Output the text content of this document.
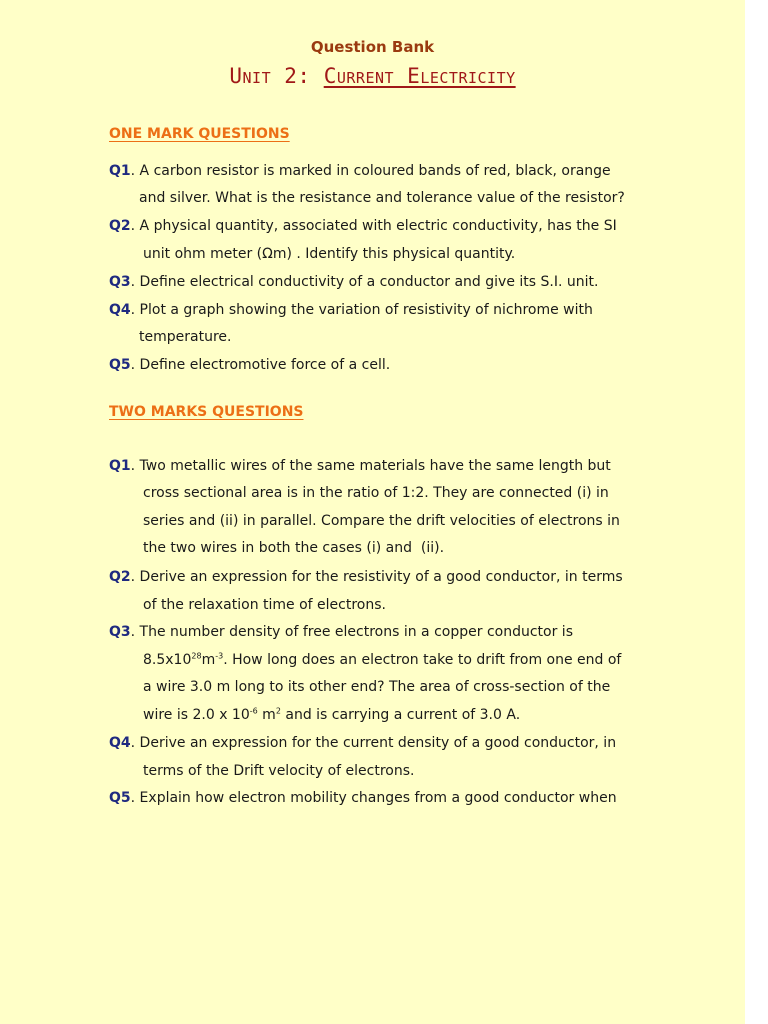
Question Bank
Unit 2: Current Electricity
ONE MARK QUESTIONS

Q1. A carbon resistor is marked in coloured bands of red, black, orange

and silver. What is the resistance and tolerance value of the resistor?

Q2. A physical quantity, associated with electric conductivity, has the SI

unit ohm meter (Ωm) . Identify this physical quantity.

Q3. Define electrical conductivity of a conductor and give its S.I. unit.

Q4. Plot a graph showing the variation of resistivity of nichrome with

temperature.

Q5. Define electromotive force of a cell.

TWO MARKS QUESTIONS

Q1. Two metallic wires of the same materials have the same length but

cross sectional area is in the ratio of 1:2. They are connected (i) in

series and (ii) in parallel. Compare the drift velocities of electrons in

the two wires in both the cases (i) and  (ii).

Q2. Derive an expression for the resistivity of a good conductor, in terms

of the relaxation time of electrons.

Q3. The number density of free electrons in a copper conductor is

$8.5x10^{28}m^{-3}$. How long does an electron take to drift from one end of

a wire 3.0 m long to its other end? The area of cross-section of the

wire is 2.0 x $10^{-6}$ $m^2$ and is carrying a current of 3.0 A.

Q4. Derive an expression for the current density of a good conductor, in

terms of the Drift velocity of electrons.

Q5. Explain how electron mobility changes from a good conductor when
